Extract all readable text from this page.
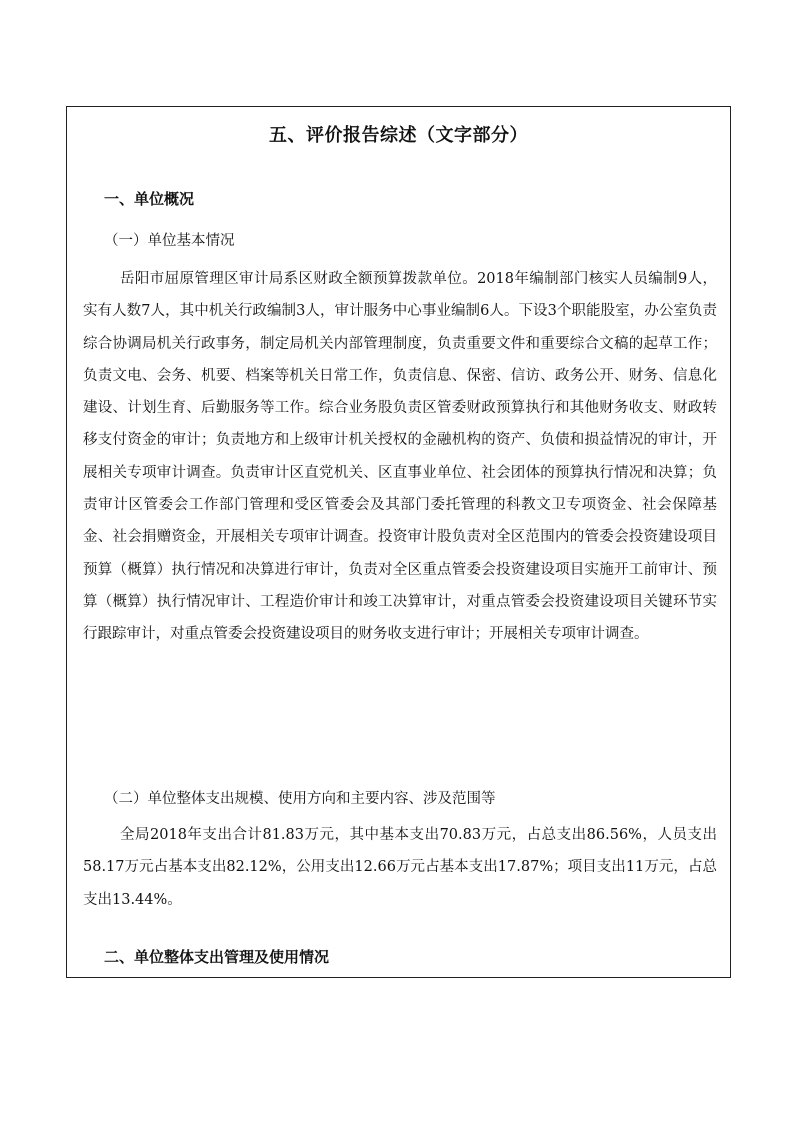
五、评价报告综述（文字部分）
一、单位概况
（一）单位基本情况

岳阳市屈原管理区审计局系区财政全额预算拨款单位。2018年编制部门核实人员编制9人，实有人数7人，其中机关行政编制3人，审计服务中心事业编制6人。下设3个职能股室，办公室负责综合协调局机关行政事务，制定局机关内部管理制度，负责重要文件和重要综合文稿的起草工作；负责文电、会务、机要、档案等机关日常工作，负责信息、保密、信访、政务公开、财务、信息化建设、计划生育、后勤服务等工作。综合业务股负责区管委财政预算执行和其他财务收支、财政转移支付资金的审计；负责地方和上级审计机关授权的金融机构的资产、负债和损益情况的审计，开展相关专项审计调查。负责审计区直党机关、区直事业单位、社会团体的预算执行情况和决算；负责审计区管委会工作部门管理和受区管委会及其部门委托管理的科教文卫专项资金、社会保障基金、社会捐赠资金，开展相关专项审计调查。投资审计股负责对全区范围内的管委会投资建设项目预算（概算）执行情况和决算进行审计，负责对全区重点管委会投资建设项目实施开工前审计、预算（概算）执行情况审计、工程造价审计和竣工决算审计，对重点管委会投资建设项目关键环节实行跟踪审计，对重点管委会投资建设项目的财务收支进行审计；开展相关专项审计调查。

（二）单位整体支出规模、使用方向和主要内容、涉及范围等

全局2018年支出合计81.83万元，其中基本支出70.83万元，占总支出86.56%，人员支出58.17万元占基本支出82.12%，公用支出12.66万元占基本支出17.87%；项目支出11万元，占总支出13.44%。

二、单位整体支出管理及使用情况
